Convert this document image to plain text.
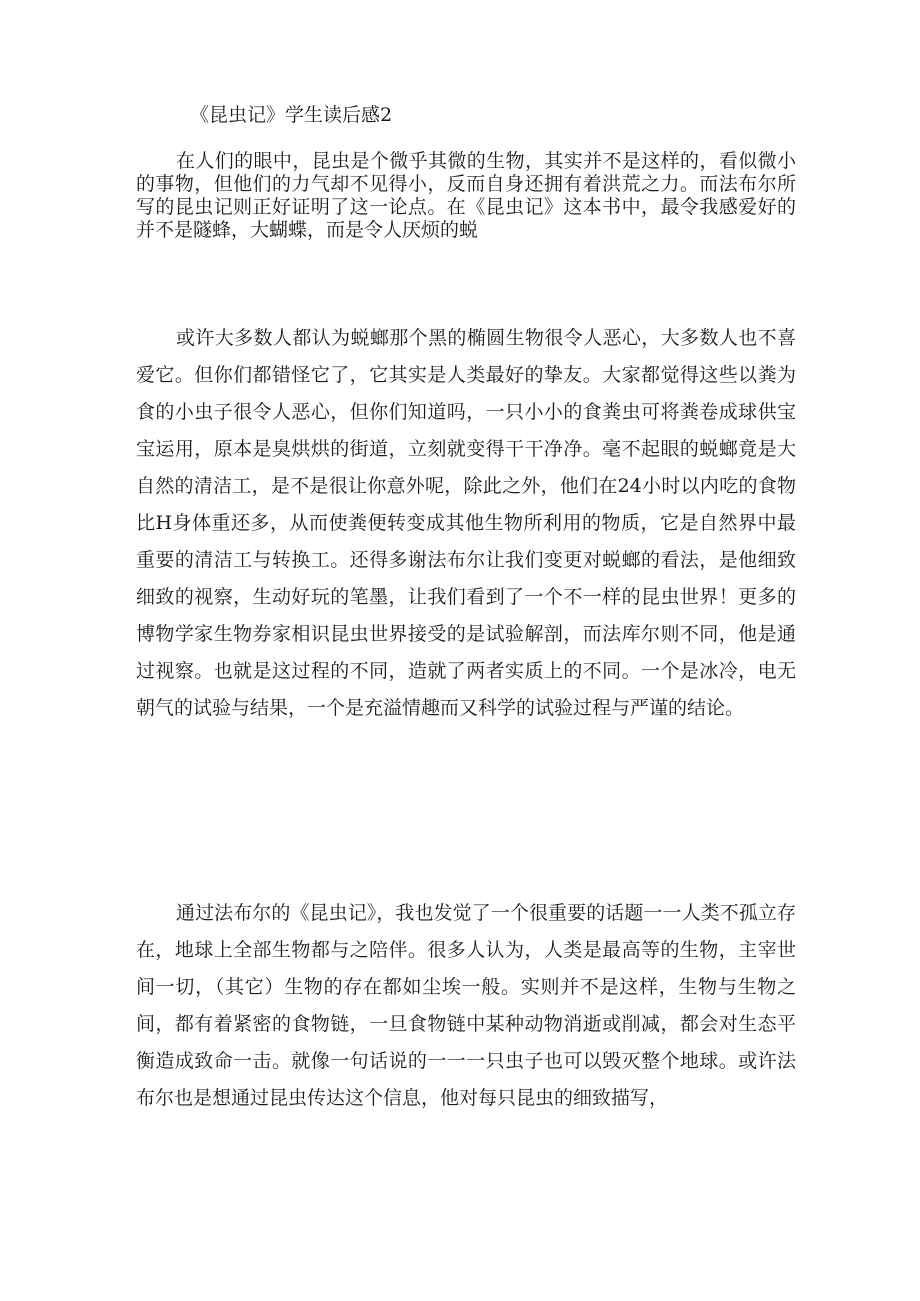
《昆虫记》学生读后感2

在人们的眼中，昆虫是个微乎其微的生物，其实并不是这样的，看似微小的事物，但他们的力气却不见得小，反而自身还拥有着洪荒之力。而法布尔所写的昆虫记则正好证明了这一论点。在《昆虫记》这本书中，最令我感爱好的并不是隧蜂，大蝴蝶，而是令人厌烦的蜕

或许大多数人都认为蜕螂那个黑的椭圆生物很令人恶心，大多数人也不喜爱它。但你们都错怪它了，它其实是人类最好的挚友。大家都觉得这些以粪为食的小虫子很令人恶心，但你们知道吗，一只小小的食粪虫可将粪卷成球供宝宝运用，原本是臭烘烘的街道，立刻就变得干干净净。毫不起眼的蜕螂竟是大自然的清洁工，是不是很让你意外呢，除此之外，他们在24小时以内吃的食物比H身体重还多，从而使粪便转变成其他生物所利用的物质，它是自然界中最重要的清洁工与转换工。还得多谢法布尔让我们变更对蜕螂的看法，是他细致细致的视察，生动好玩的笔墨，让我们看到了一个不一样的昆虫世界！更多的博物学家生物券家相识昆虫世界接受的是试验解剖，而法库尔则不同，他是通过视察。也就是这过程的不同，造就了两者实质上的不同。一个是冰冷，电无朝气的试验与结果，一个是充溢情趣而又科学的试验过程与严谨的结论。

通过法布尔的《昆虫记》，我也发觉了一个很重要的话题一一人类不孤立存在，地球上全部生物都与之陪伴。很多人认为，人类是最高等的生物，主宰世间一切，（其它）生物的存在都如尘埃一般。实则并不是这样，生物与生物之间，都有着紧密的食物链，一旦食物链中某种动物消逝或削减，都会对生态平衡造成致命一击。就像一句话说的一一一只虫子也可以毁灭整个地球。或许法布尔也是想通过昆虫传达这个信息，他对每只昆虫的细致描写，
